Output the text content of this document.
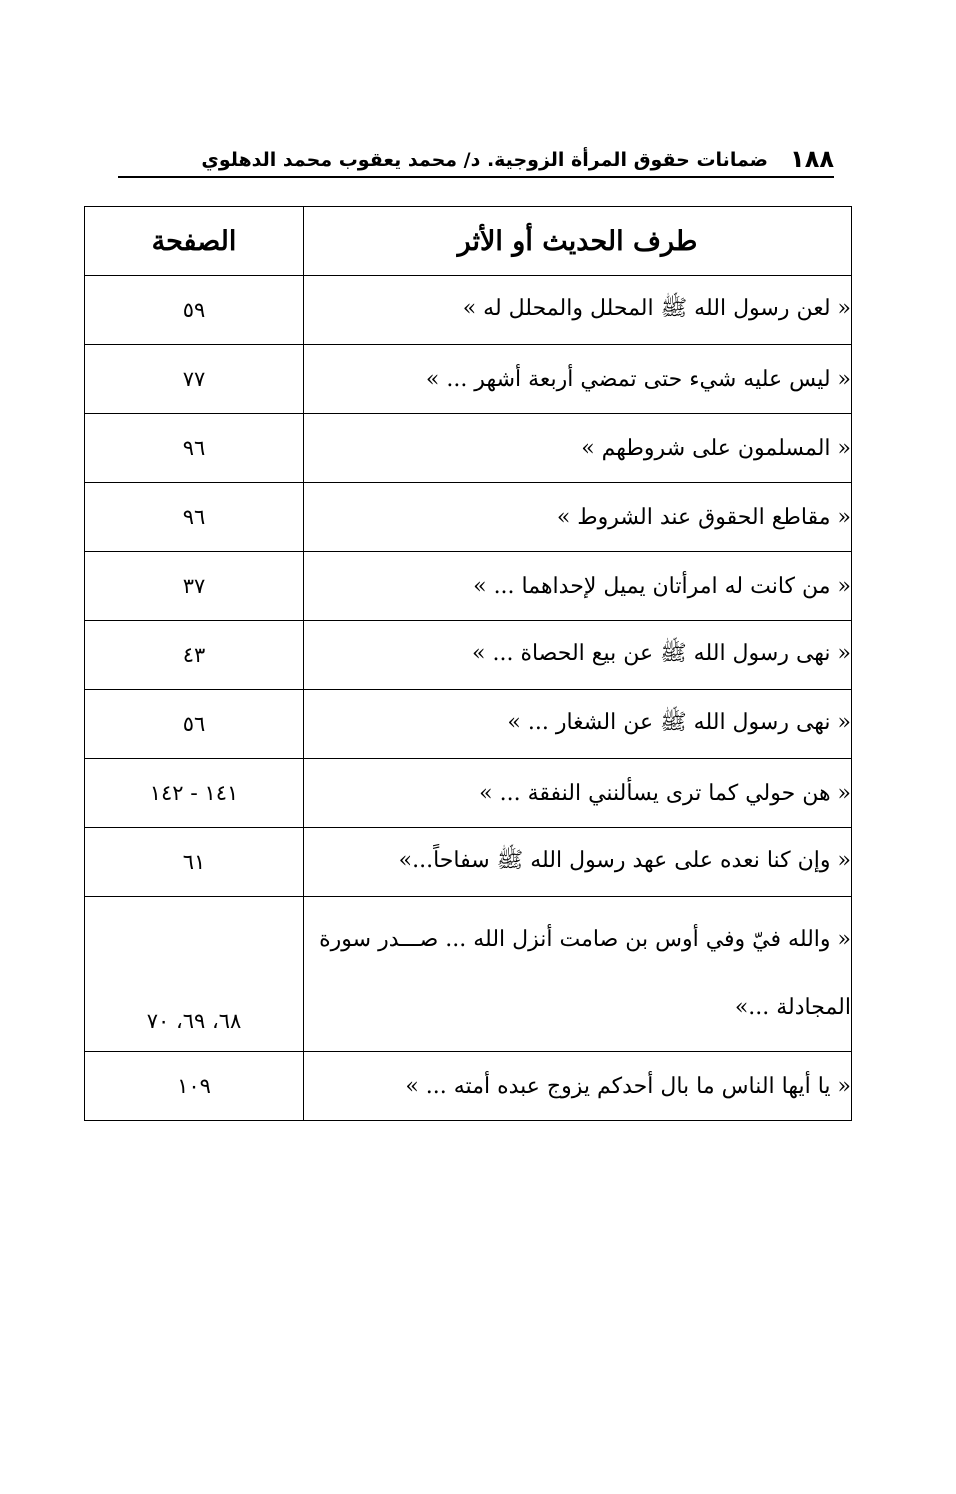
١٨٨
ضمانات حقوق المرأة الزوجية. د/ محمد يعقوب محمد الدهلوي
طرف الحديث أو الأثر	الصفحة
« لعن رسول الله ﷺ المحلل والمحلل له »	٥٩
« ليس عليه شيء حتى تمضي أربعة أشهر ... »	٧٧
« المسلمون على شروطهم »	٩٦
« مقاطع الحقوق عند الشروط »	٩٦
« من كانت له امرأتان يميل لإحداهما ... »	٣٧
« نهى رسول الله ﷺ عن بيع الحصاة ... »	٤٣
« نهى رسول الله ﷺ عن الشغار ... »	٥٦
« هن حولي كما ترى يسألنني النفقة ... »	١٤١ - ١٤٢
« وإن كنا نعده على عهد رسول الله ﷺ سفاحاً...»	٦١
« والله فيّ وفي أوس بن صامت أنزل الله ... صـــدر سورة المجادلة ...»	٦٨، ٦٩، ٧٠
« يا أيها الناس ما بال أحدكم يزوج عبده أمته ... »	١٠٩
